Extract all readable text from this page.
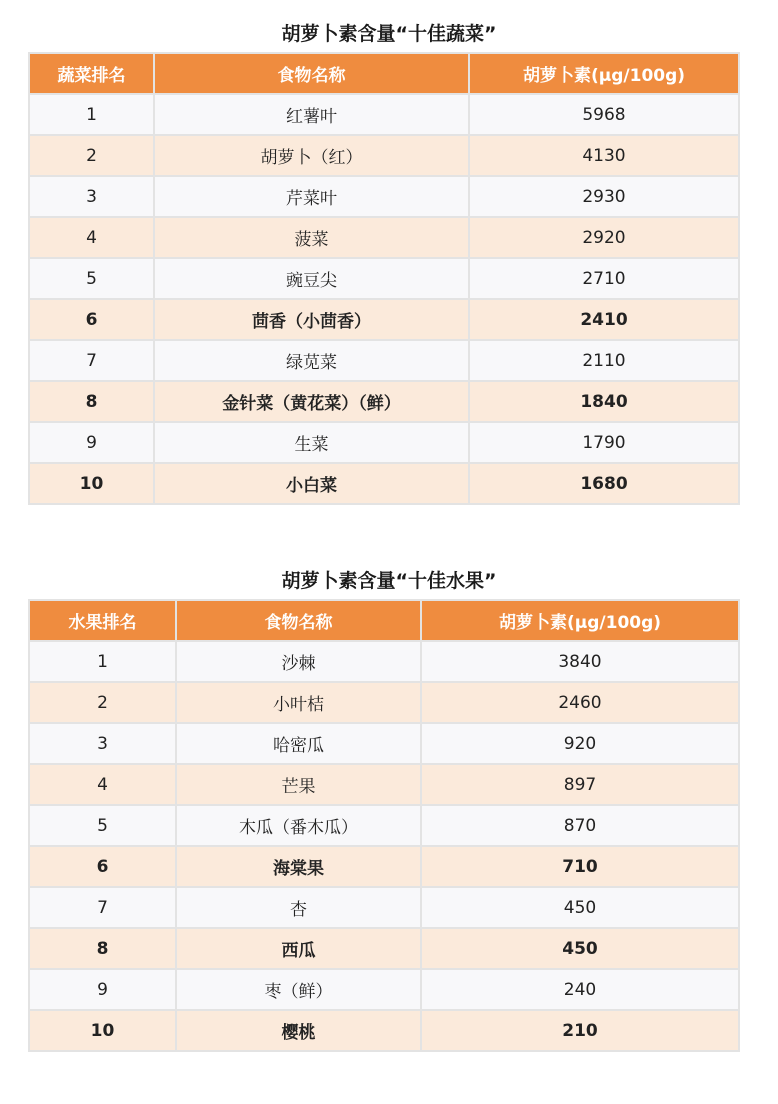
胡萝卜素含量“十佳蔬菜”
蔬菜排名	食物名称	胡萝卜素(μg/100g)
1	红薯叶	5968
2	胡萝卜（红）	4130
3	芹菜叶	2930
4	菠菜	2920
5	豌豆尖	2710
6	茴香（小茴香）	2410
7	绿苋菜	2110
8	金针菜（黄花菜）（鲜）	1840
9	生菜	1790
10	小白菜	1680
胡萝卜素含量“十佳水果”
水果排名	食物名称	胡萝卜素(μg/100g)
1	沙棘	3840
2	小叶桔	2460
3	哈密瓜	920
4	芒果	897
5	木瓜（番木瓜）	870
6	海棠果	710
7	杏	450
8	西瓜	450
9	枣（鲜）	240
10	樱桃	210
